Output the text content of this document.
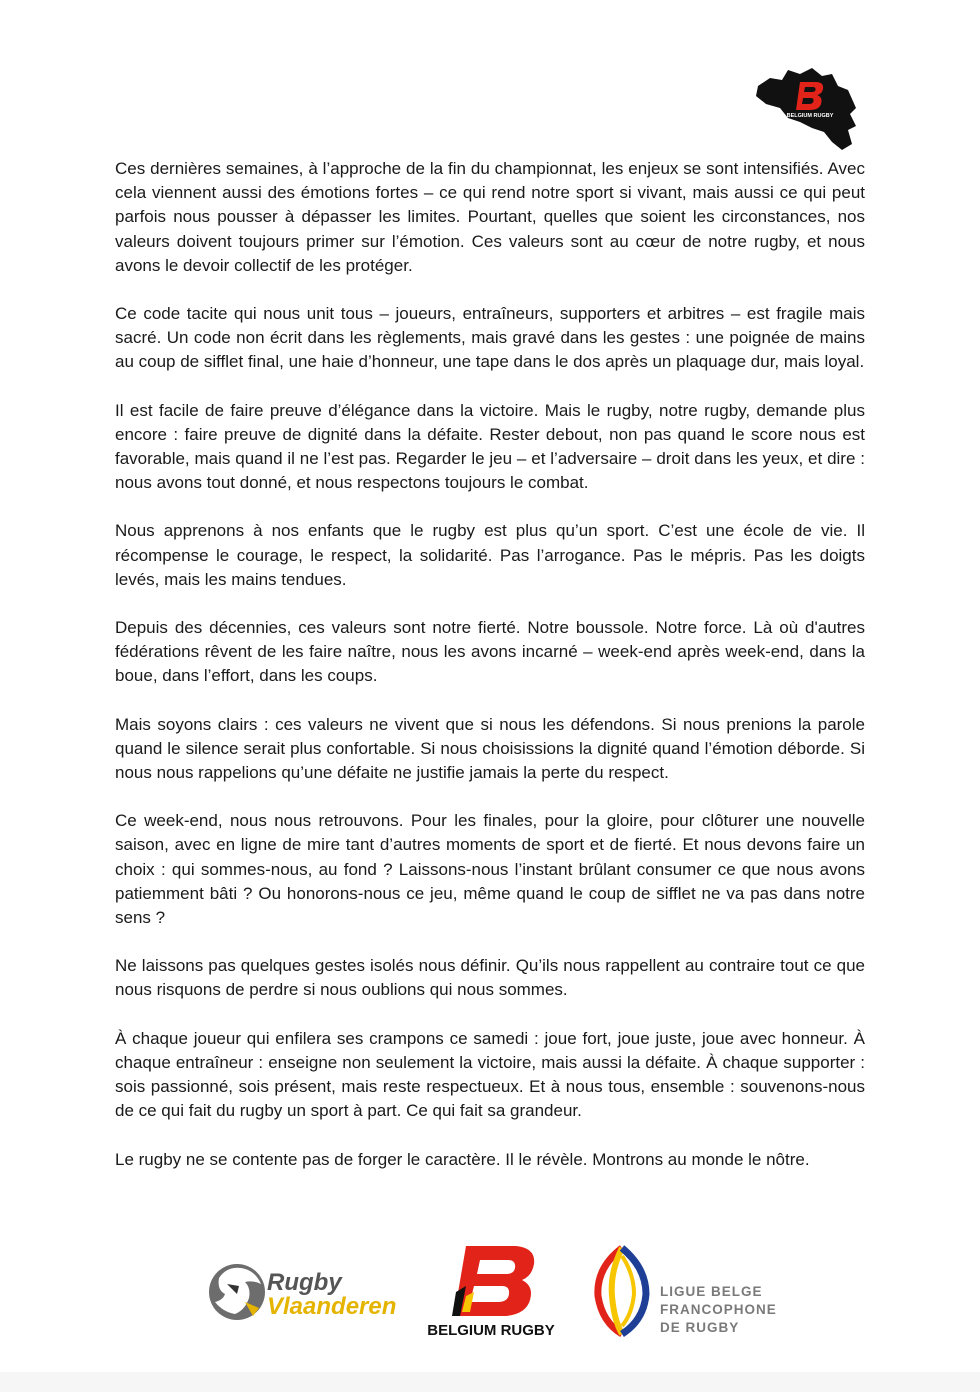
BELGIUM RUGBY

Ces dernières semaines, à l’approche de la fin du championnat, les enjeux se sont intensifiés. Avec cela viennent aussi des émotions fortes – ce qui rend notre sport si vivant, mais aussi ce qui peut parfois nous pousser à dépasser les limites. Pourtant, quelles que soient les circonstances, nos valeurs doivent toujours primer sur l’émotion. Ces valeurs sont au cœur de notre rugby, et nous avons le devoir collectif de les protéger.

Ce code tacite qui nous unit tous – joueurs, entraîneurs, supporters et arbitres – est fragile mais sacré. Un code non écrit dans les règlements, mais gravé dans les gestes : une poignée de mains au coup de sifflet final, une haie d’honneur, une tape dans le dos après un plaquage dur, mais loyal.

Il est facile de faire preuve d’élégance dans la victoire. Mais le rugby, notre rugby, demande plus encore : faire preuve de dignité dans la défaite. Rester debout, non pas quand le score nous est favorable, mais quand il ne l’est pas. Regarder le jeu – et l’adversaire – droit dans les yeux, et dire : nous avons tout donné, et nous respectons toujours le combat.

Nous apprenons à nos enfants que le rugby est plus qu’un sport. C’est une école de vie. Il récompense le courage, le respect, la solidarité. Pas l’arrogance. Pas le mépris. Pas les doigts levés, mais les mains tendues.

Depuis des décennies, ces valeurs sont notre fierté. Notre boussole. Notre force. Là où d'autres fédérations rêvent de les faire naître, nous les avons incarné – week-end après week-end, dans la boue, dans l’effort, dans les coups.

Mais soyons clairs : ces valeurs ne vivent que si nous les défendons. Si nous prenions la parole quand le silence serait plus confortable. Si nous choisissions la dignité quand l’émotion déborde. Si nous nous rappelions qu’une défaite ne justifie jamais la perte du respect.

Ce week-end, nous nous retrouvons. Pour les finales, pour la gloire, pour clôturer une nouvelle saison, avec en ligne de mire tant d’autres moments de sport et de fierté. Et nous devons faire un choix : qui sommes-nous, au fond ? Laissons-nous l’instant brûlant consumer ce que nous avons patiemment bâti ? Ou honorons-nous ce jeu, même quand le coup de sifflet ne va pas dans notre sens ?

Ne laissons pas quelques gestes isolés nous définir. Qu’ils nous rappellent au contraire tout ce que nous risquons de perdre si nous oublions qui nous sommes.

À chaque joueur qui enfilera ses crampons ce samedi : joue fort, joue juste, joue avec honneur. À chaque entraîneur : enseigne non seulement la victoire, mais aussi la défaite. À chaque supporter : sois passionné, sois présent, mais reste respectueux. Et à nous tous, ensemble : souvenons-nous de ce qui fait du rugby un sport à part. Ce qui fait sa grandeur.

Le rugby ne se contente pas de forger le caractère. Il le révèle. Montrons au monde le nôtre.

Rugby
Vlaanderen
BELGIUM RUGBY
LIGUE BELGE
FRANCOPHONE
DE RUGBY
